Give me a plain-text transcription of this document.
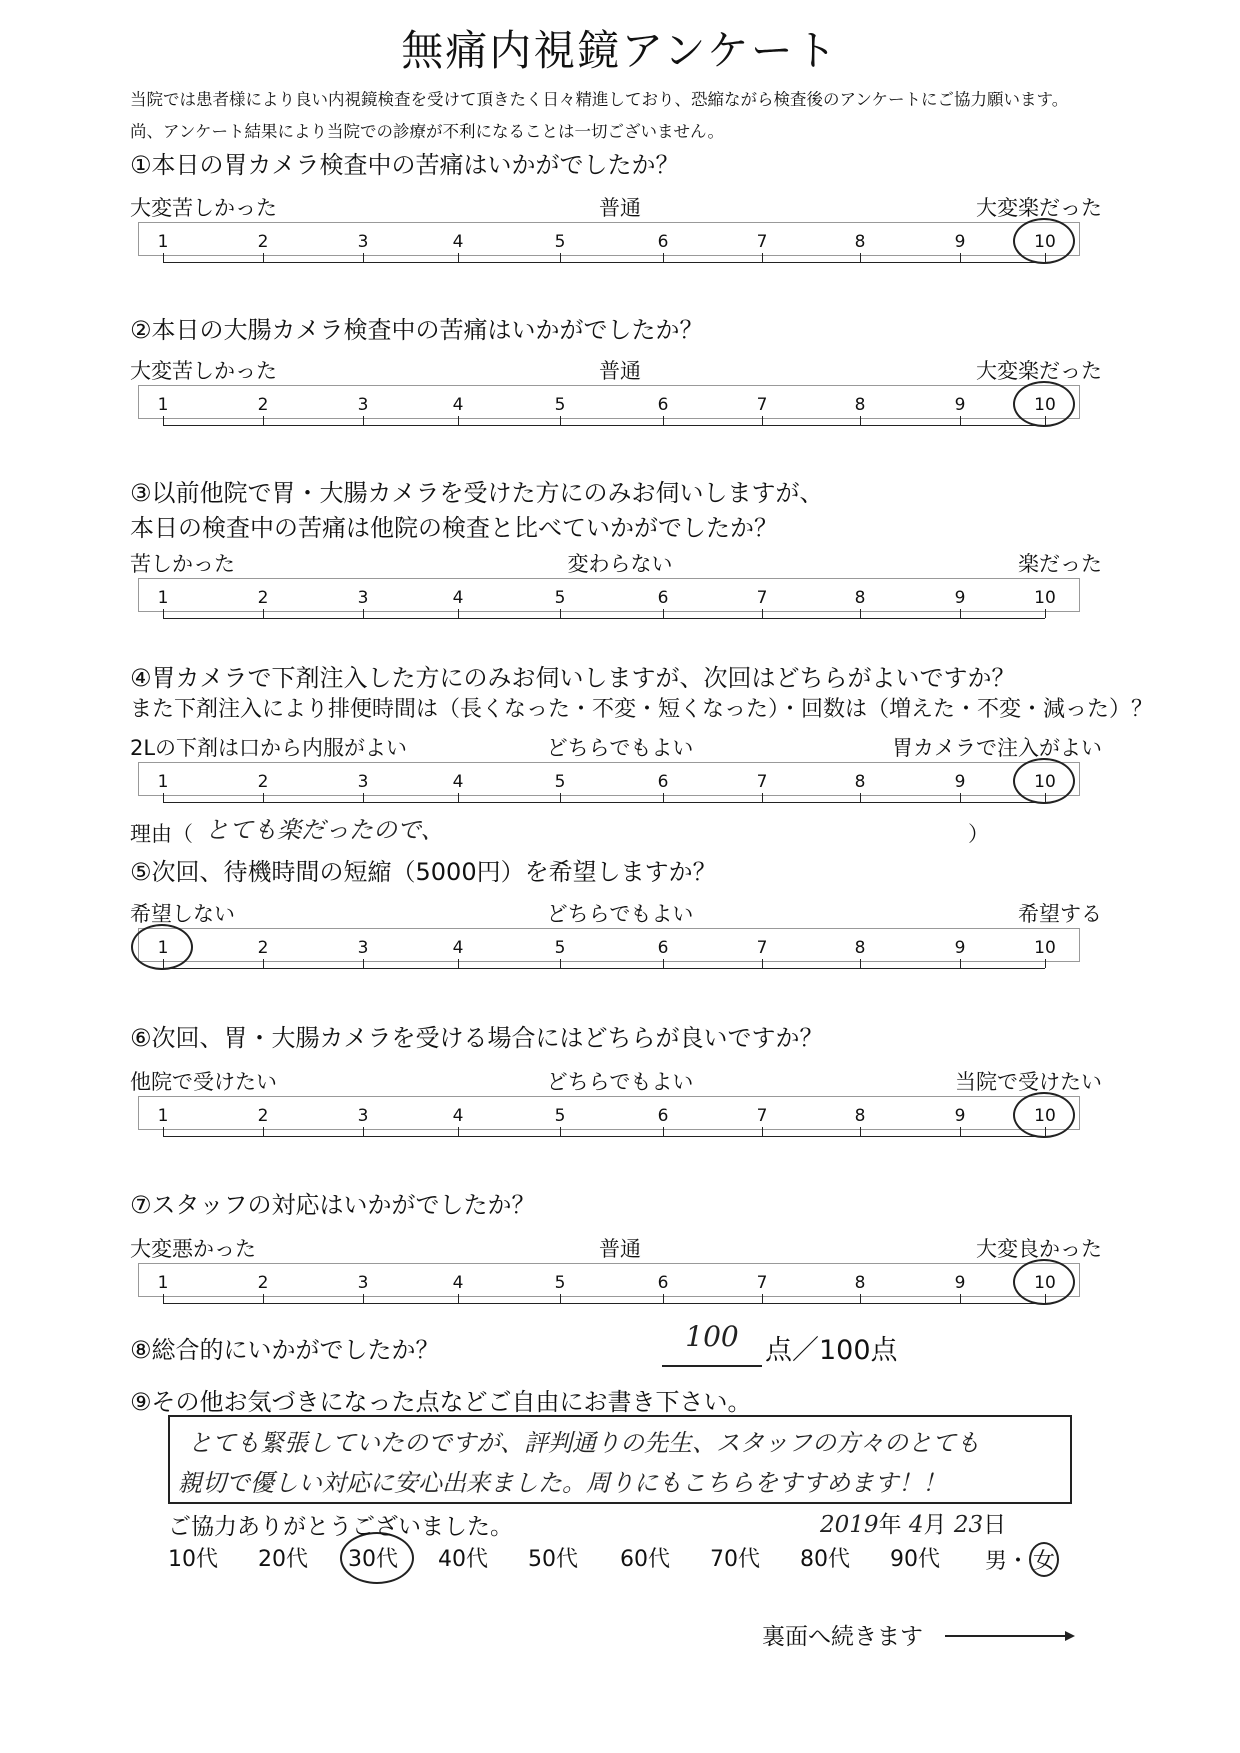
無痛内視鏡アンケート
当院では患者様により良い内視鏡検査を受けて頂きたく日々精進しており、恐縮ながら検査後のアンケートにご協力願います。
尚、アンケート結果により当院での診療が不利になることは一切ございません。
①本日の胃カメラ検査中の苦痛はいかがでしたか？
大変苦しかった	普通	大変楽だった
1	2	3	4	5	6	7	8	9	10
②本日の大腸カメラ検査中の苦痛はいかがでしたか？
大変苦しかった	普通	大変楽だった
1	2	3	4	5	6	7	8	9	10
③以前他院で胃・大腸カメラを受けた方にのみお伺いしますが、
本日の検査中の苦痛は他院の検査と比べていかがでしたか？
苦しかった	変わらない	楽だった
1	2	3	4	5	6	7	8	9	10
④胃カメラで下剤注入した方にのみお伺いしますが、次回はどちらがよいですか？
また下剤注入により排便時間は（長くなった・不変・短くなった）・回数は（増えた・不変・減った）？
2Lの下剤は口から内服がよい	どちらでもよい	胃カメラで注入がよい
1	2	3	4	5	6	7	8	9	10
⑤次回、待機時間の短縮（5000円）を希望しますか？
希望しない	どちらでもよい	希望する
1	2	3	4	5	6	7	8	9	10
⑥次回、胃・大腸カメラを受ける場合にはどちらが良いですか？
他院で受けたい	どちらでもよい	当院で受けたい
1	2	3	4	5	6	7	8	9	10
⑦スタッフの対応はいかがでしたか？
大変悪かった	普通	大変良かった
1	2	3	4	5	6	7	8	9	10
10代 20代 30代 40代 50代 60代 70代 80代 90代
理由（ とても楽だったので、	）
⑧総合的にいかがでしたか？	100 点／100点
⑨その他お気づきになった点などご自由にお書き下さい。
とても緊張していたのですが、評判通りの先生、スタッフの方々のとても
親切で優しい対応に安心出来ました。周りにもこちらをすすめます！！
ご協力ありがとうございました。	2019年 4月 23日
男・ 女
裏面へ続きます
